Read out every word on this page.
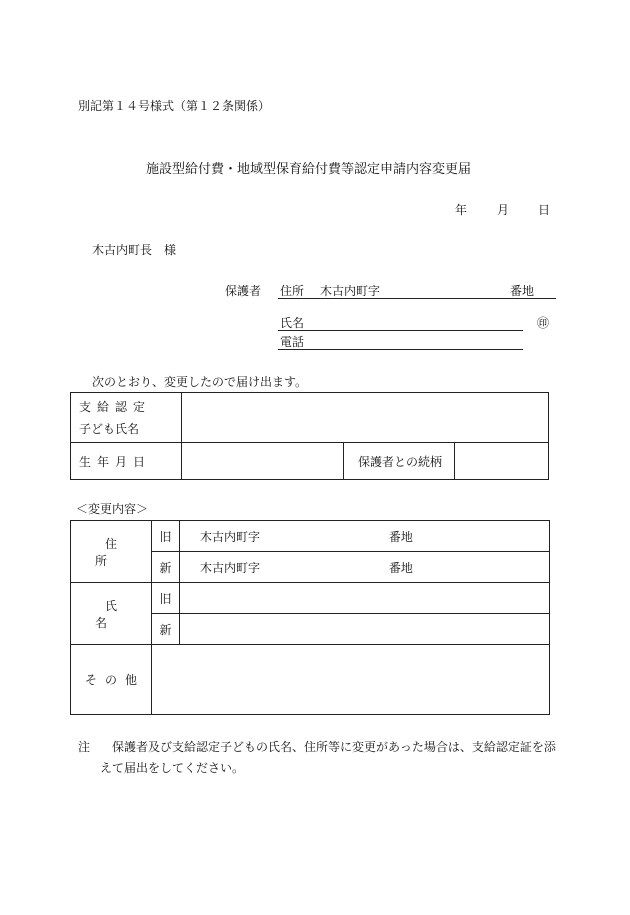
別記第１４号様式（第１２条関係）
施設型給付費・地域型保育給付費等認定申請内容変更届
年 月 日
木古内町長　様
保護者 住所 木古内町字	番地
氏名	㊞
電話
次のとおり、変更したので届け出ます。
支給認定
子ども氏名			

生年月日		保護者との続柄	
＜変更内容＞
住所	旧	木古内町字 番地
	新	木古内町字 番地
氏名	旧	
	新	
その他		
注 保護者及び支給認定子どもの氏名、住所等に変更があった場合は、支給認定証を添
えて届出をしてください。
